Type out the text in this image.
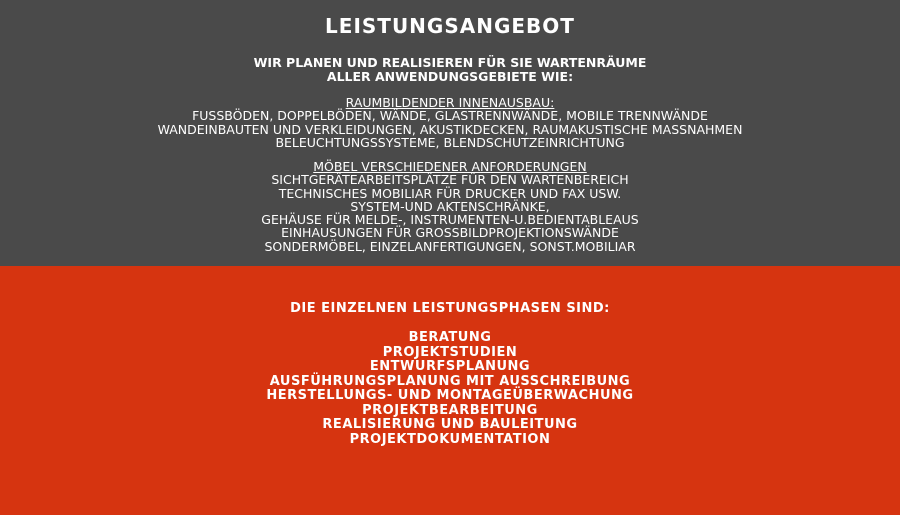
LEISTUNGSANGEBOT
WIR PLANEN UND REALISIEREN FÜR SIE WARTENRÄUME
ALLER ANWENDUNGSGEBIETE WIE:
RAUMBILDENDER INNENAUSBAU:
FUSSBÖDEN, DOPPELBÖDEN, WÄNDE, GLASTRENNWÄNDE, MOBILE TRENNWÄNDE
WANDEINBAUTEN UND VERKLEIDUNGEN, AKUSTIKDECKEN, RAUMAKUSTISCHE MASSNAHMEN
BELEUCHTUNGSSYSTEME, BLENDSCHUTZEINRICHTUNG
MÖBEL VERSCHIEDENER ANFORDERUNGEN
SICHTGERÄTEARBEITSPLÄTZE FÜR DEN WARTENBEREICH
TECHNISCHES MOBILIAR FÜR DRUCKER UND FAX USW.
SYSTEM-UND AKTENSCHRÄNKE,
GEHÄUSE FÜR MELDE-, INSTRUMENTEN-U.BEDIENTABLEAUS
EINHAUSUNGEN FÜR GROSSBILDPROJEKTIONSWÄNDE
SONDERMÖBEL, EINZELANFERTIGUNGEN, SONST.MOBILIAR
DIE EINZELNEN LEISTUNGSPHASEN SIND:
BERATUNG
PROJEKTSTUDIEN
ENTWURFSPLANUNG
AUSFÜHRUNGSPLANUNG MIT AUSSCHREIBUNG
HERSTELLUNGS- UND MONTAGEÜBERWACHUNG
PROJEKTBEARBEITUNG
REALISIERUNG UND BAULEITUNG
PROJEKTDOKUMENTATION
